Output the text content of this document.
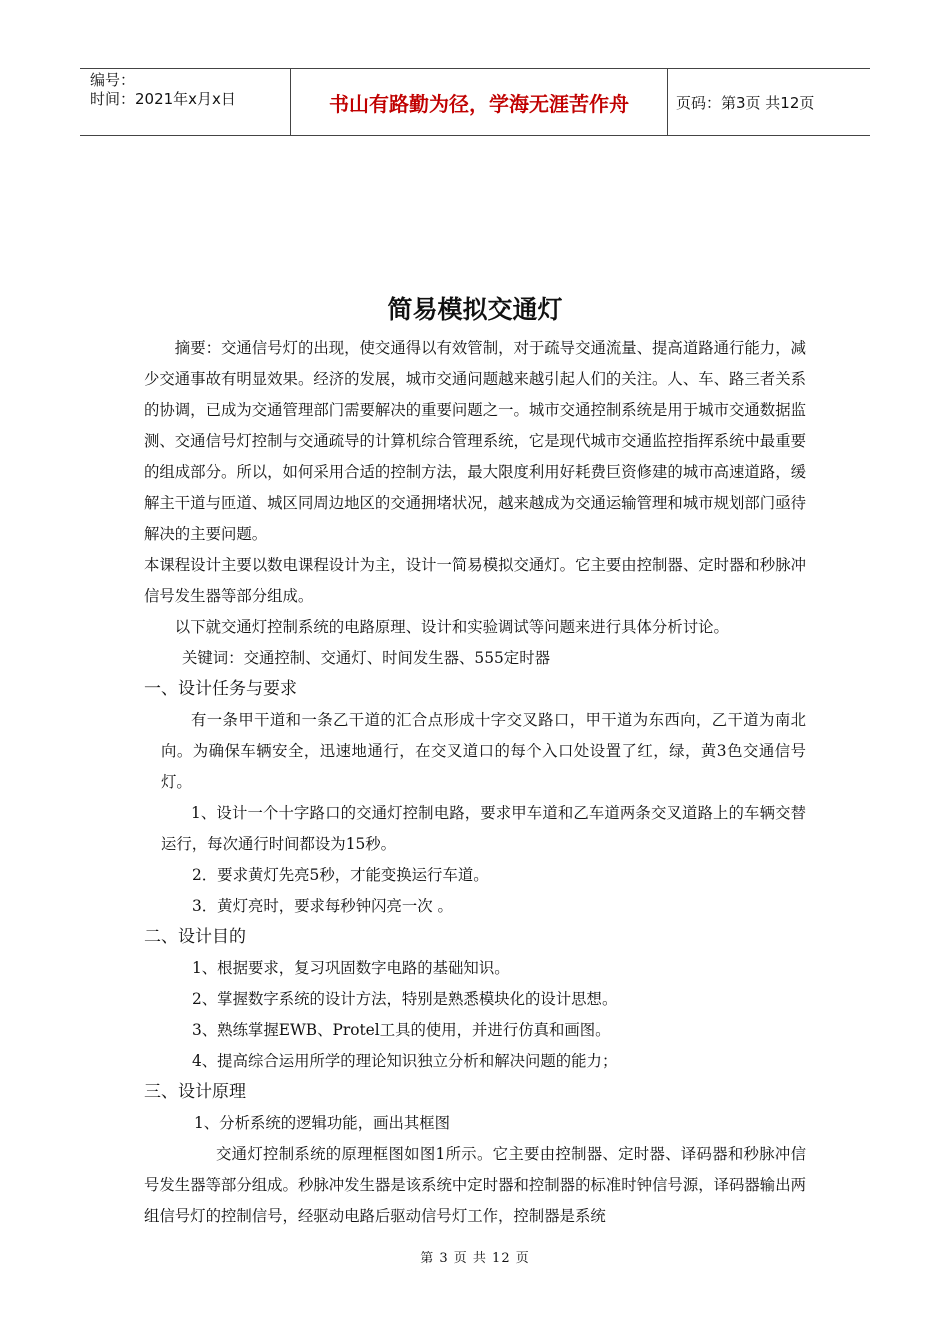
编号：
时间：2021年x月x日	书山有路勤为径，学海无涯苦作舟	页码：第3页 共12页
简易模拟交通灯

摘要：交通信号灯的出现，使交通得以有效管制，对于疏导交通流量、提高道路通行能力，减少交通事故有明显效果。经济的发展，城市交通问题越来越引起人们的关注。人、车、路三者关系的协调，已成为交通管理部门需要解决的重要问题之一。城市交通控制系统是用于城市交通数据监测、交通信号灯控制与交通疏导的计算机综合管理系统，它是现代城市交通监控指挥系统中最重要的组成部分。所以，如何采用合适的控制方法，最大限度利用好耗费巨资修建的城市高速道路，缓解主干道与匝道、城区同周边地区的交通拥堵状况，越来越成为交通运输管理和城市规划部门亟待解决的主要问题。

本课程设计主要以数电课程设计为主，设计一简易模拟交通灯。它主要由控制器、定时器和秒脉冲信号发生器等部分组成。

以下就交通灯控制系统的电路原理、设计和实验调试等问题来进行具体分析讨论。

关键词：交通控制、交通灯、时间发生器、555定时器

一、设计任务与要求

有一条甲干道和一条乙干道的汇合点形成十字交叉路口，甲干道为东西向，乙干道为南北向。为确保车辆安全，迅速地通行，在交叉道口的每个入口处设置了红，绿，黄3色交通信号灯。

1、设计一个十字路口的交通灯控制电路，要求甲车道和乙车道两条交叉道路上的车辆交替运行，每次通行时间都设为15秒。

2．要求黄灯先亮5秒，才能变换运行车道。

3．黄灯亮时，要求每秒钟闪亮一次 。

二、设计目的

1、根据要求，复习巩固数字电路的基础知识。

2、掌握数字系统的设计方法，特别是熟悉模块化的设计思想。

3、熟练掌握EWB、Protel工具的使用，并进行仿真和画图。

4、提高综合运用所学的理论知识独立分析和解决问题的能力；

三、设计原理

1、分析系统的逻辑功能，画出其框图

交通灯控制系统的原理框图如图1所示。它主要由控制器、定时器、译码器和秒脉冲信号发生器等部分组成。秒脉冲发生器是该系统中定时器和控制器的标准时钟信号源，译码器输出两组信号灯的控制信号，经驱动电路后驱动信号灯工作，控制器是系统

第 3 页 共 12 页
